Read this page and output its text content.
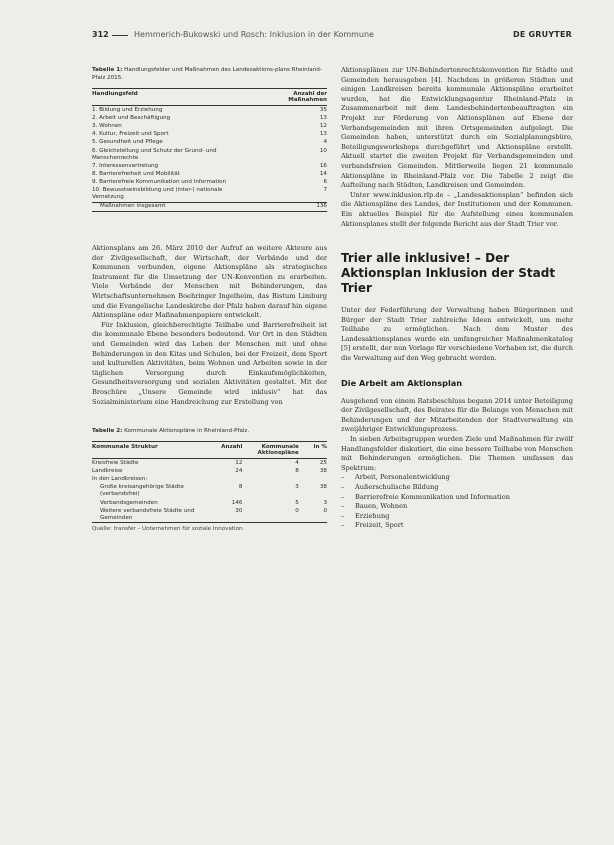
312	Hemmerich-Bukowski und Rosch: Inklusion in der Kommune	DE GRUYTER
Tabelle 1: Handlungsfelder und Maßnahmen des Landesaktions-plans Rheinland-Pfalz 2015.
Handlungsfeld	Anzahl der Maßnahmen
1. Bildung und Erziehung	35
2. Arbeit und Beschäftigung	13
3. Wohnen	12
4. Kultur, Freizeit und Sport	13
5. Gesundheit und Pflege	4
6. Gleichstellung und Schutz der Grund- und Menschenrechte	10
7. Interessenvertretung	16
8. Barrierefreiheit und Mobilität	14
9. Barrierefreie Kommunikation und Information	6
10. Bewusstseinsbildung und (inter-) nationale Vernetzung	7
Maßnahmen insgesamt	136

Aktionsplans am 26. März 2010 der Aufruf an weitere Akteure aus der Zivilgesellschaft, der Wirtschaft, der Verbände und der Kommunen verbunden, eigene Aktionspläne als strategisches Instrument für die Umsetzung der UN-Konvention zu erarbeiten. Viele Verbände der Menschen mit Behinderungen, das Wirtschaftsunternehmen Boehringer Ingelheim, das Bistum Limburg und die Evangelische Landeskirche der Pfalz haben darauf hin eigene Aktionspläne oder Maßnahmenpapiere entwickelt.

Für Inklusion, gleichberechtigte Teilhabe und Barrierefreiheit ist die kommunale Ebene besonders bedeutend. Vor Ort in den Städten und Gemeinden wird das Leben der Menschen mit und ohne Behinderungen in den Kitas und Schulen, bei der Freizeit, dem Sport und kulturellen Aktivitäten, beim Wohnen und Arbeiten sowie in der täglichen Versorgung durch Einkaufsmöglichkeiten, Gesundheitsversorgung und sozialen Aktivitäten gestaltet. Mit der Broschüre „Unsere Gemeinde wird inklusiv“ hat das Sozialministerium eine Handreichung zur Erstellung von

Tabelle 2: Kommunale Aktionspläne in Rheinland-Pfalz.
Kommunale Struktur	Anzahl	Kommunale Aktionspläne	in %
Kreisfreie Städte	12	4	25
Landkreise	24	8	38
In den Landkreisen:			
Große kreisangehörige Städte (verbandsfrei)	8	3	38
Verbandsgemeinden	146	5	3
Weitere verbandsfreie Städte und Gemeinden	30	0	0
Quelle: transfer – Unternehmen für soziale Innovation.

Aktionsplänen zur UN-Behindertenrechtskonvention für Städte und Gemeinden herausgeben [4]. Nachdem in größeren Städten und einigen Landkreisen bereits kommunale Aktionspläne erarbeitet wurden, hat die Entwicklungsagentur Rheinland-Pfalz in Zusammenarbeit mit dem Landesbehindertenbeauftragten ein Projekt zur Förderung von Aktionsplänen auf Ebene der Verbandsgemeinden mit ihren Ortsgemeinden aufgelegt. Die Gemeinden haben, unterstützt durch ein Sozialplanungsbüro, Beteiligungsworkshops durchgeführt und Aktionspläne erstellt. Aktuell startet die zweiten Projekt für Verbandsgemeinden und verbandsfreien Gemeinden. Mittlerweile liegen 21 kommunale Aktionspläne in Rheinland-Pfalz vor. Die Tabelle 2 zeigt die Aufteilung nach Städten, Landkreisen und Gemeinden.

Unter www.inklusion.rlp.de – „Landesaktionsplan“ befinden sich die Aktionspläne des Landes, der Institutionen und der Kommunen. Ein aktuelles Beispiel für die Aufstellung eines kommunalen Aktionsplanes stellt der folgende Bericht aus der Stadt Trier vor.

Trier alle inklusive! – Der Aktionsplan Inklusion der Stadt Trier

Unter der Federführung der Verwaltung haben Bürgerinnen und Bürger der Stadt Trier zahlreiche Ideen entwickelt, um mehr Teilhabe zu ermöglichen. Nach dem Muster des Landesaktionsplanes wurde ein umfangreicher Maßnahmenkatalog [5] erstellt, der nun Vorlage für verschiedene Vorhaben ist, die durch die Verwaltung auf den Weg gebracht werden.

Die Arbeit am Aktionsplan

Ausgehend von einem Ratsbeschluss begann 2014 unter Beteiligung der Zivilgesellschaft, des Beirates für die Belange von Menschen mit Behinderungen und der Mitarbeitenden der Stadtverwaltung ein zweijähriger Entwicklungsprozess.

In sieben Arbeitsgruppen wurden Ziele und Maßnahmen für zwölf Handlungsfelder diskutiert, die eine bessere Teilhabe von Menschen mit Behinderungen ermöglichen. Die Themen umfassen das Spektrum:

– Arbeit, Personalentwicklung
– Außerschulische Bildung
– Barrierefreie Kommunikation und Information
– Bauen, Wohnen
– Erziehung
– Freizeit, Sport
